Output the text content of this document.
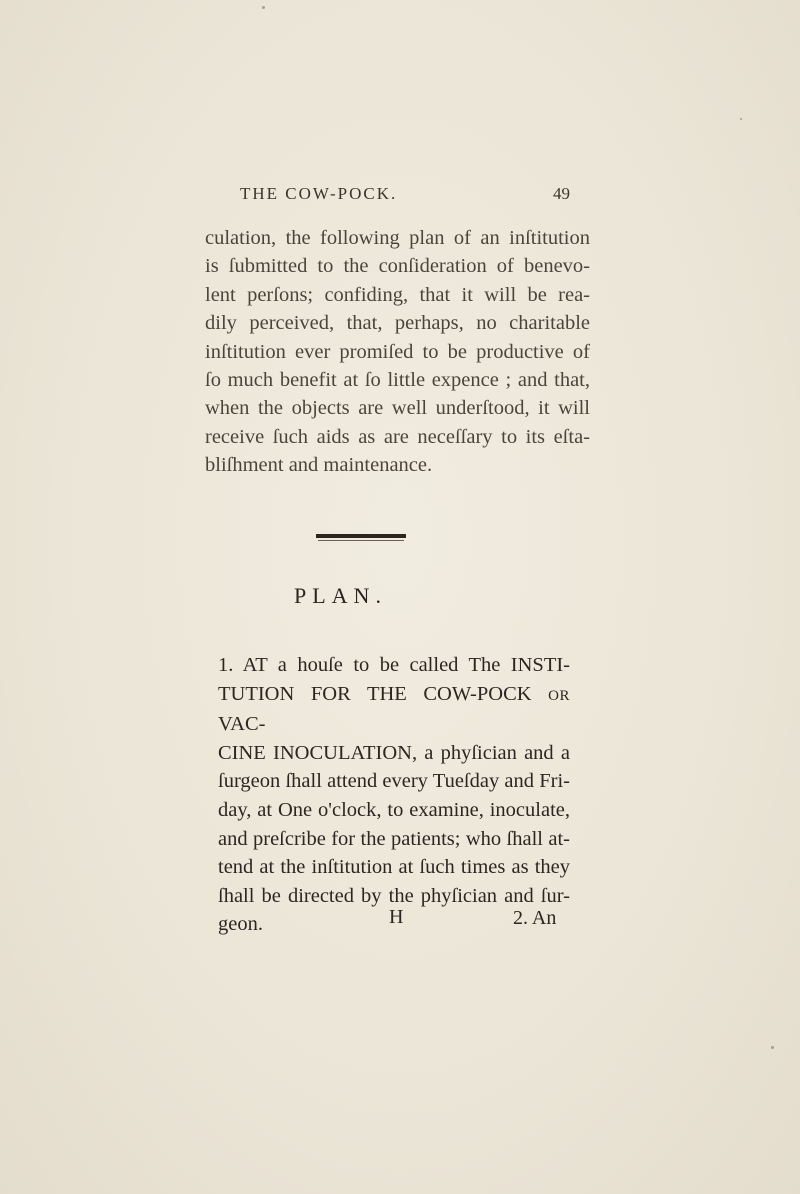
THE COW-POCK.	49
culation, the following plan of an inſtitution
is ſubmitted to the conſideration of benevo-
lent perſons; confiding, that it will be rea-
dily perceived, that, perhaps, no charitable
inſtitution ever promiſed to be productive of
ſo much benefit at ſo little expence ; and that,
when the objects are well underſtood, it will
receive ſuch aids as are neceſſary to its eſta-
bliſhment and maintenance.
PLAN.
1. AT a houſe to be called The INSTI-
TUTION FOR THE COW-POCK OR VAC-
CINE INOCULATION, a phyſician and a
ſurgeon ſhall attend every Tueſday and Fri-
day, at One o'clock, to examine, inoculate,
and preſcribe for the patients; who ſhall at-
tend at the inſtitution at ſuch times as they
ſhall be directed by the phyſician and ſur-
geon.	H	2. An
